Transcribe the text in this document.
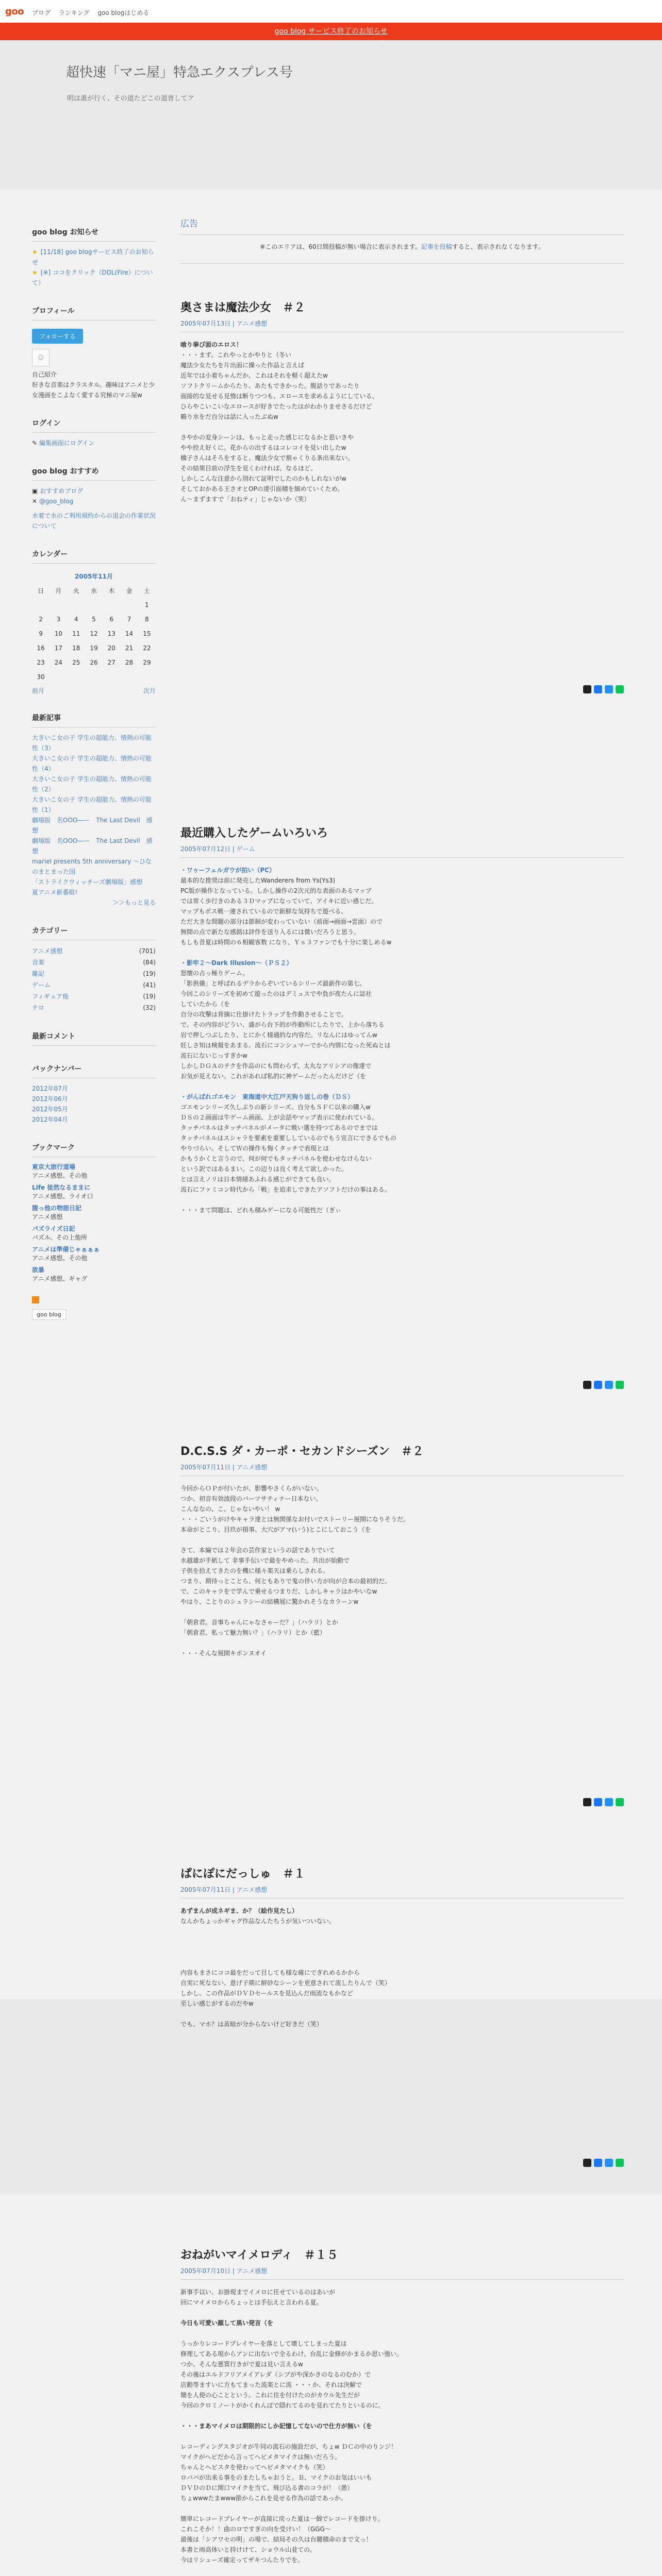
goo ブログ ランキング goo blogはじめる
goo blog サービス終了のお知らせ
超快速「マニ屋」特急エクスプレス号
明は誰が行く、その道たどこの道普してア
goo blog お知らせ
★ [11/18] goo blogサービス終了のお知らせ
★ [※] ココをクリック（DDL(Fire）について）
プロフィール
フォローする
☺
自己紹介
好きな音楽はクラスタル。趣味はアニメと少女漫画をこよなく愛する究極のマニ屋w
ログイン
✎ 編集画面にログイン
goo blog おすすめ
▣ おすすめブログ
✕ @goo_blog
水着で水のご利用規約からの退会の作業状況について
カレンダー
2005年11月						
日	月	火	水	木	金	土
						1
2	3	4	5	6	7	8
9	10	11	12	13	14	15
16	17	18	19	20	21	22
23	24	25	26	27	28	29
30						
前月	次月
最新記事
大きいこ女の子 学生の超能力、情熱の可能性（3）
大きいこ女の子 学生の超能力、情熱の可能性（4）
大きいこ女の子 学生の超能力、情熱の可能性（2）
大きいこ女の子 学生の超能力、情熱の可能性（1）
劇場版　名OOO―ー　The Last Devil　感想
劇場版　名OOO―ー　The Last Devil　感想
mariel presents 5th anniversary ～ひなのまとまった国
「ストライクウィッチーズ劇場版」感想
夏アニメ新番組!
＞＞もっと見る
カテゴリー
アニメ感想	(701)
音楽	(84)
雑記	(19)
ゲーム	(41)
フィギュア他	(19)
テロ	(32)
最新コメント
バックナンバー
2012年07月
2012年06月
2012年05月
2012年04月
ブックマーク
東京大旅行道場
アニメ感想、その他
Life 徒然なるままに
アニメ感想、ライオ口
腹っ他の物語日記
アニメ感想
パズライズ日記
パズル、その上他所
アニメは準備じゃぁぁぁ
アニメ感想、その他
欲暴
アニメ感想、ギャグ
goo blog
広告
※このエリアは、60日間投稿が無い場合に表示されます。記事を投稿すると、表示されなくなります。
奥さまは魔法少女　＃２
2005年07月13日 | アニメ感想
喰り拳び面のエロス！
・・・まず。これやっとかやりと（冬い
魔法少女たちを片出面に操った作品と言えば
近年では小着ちゃんだか、これはそれを軽く超えたw
ソフトクリームからたり、あたもできかった。腹話りであったり
面接的な見せる見惰は断りつつも、エロースを求めるようにしている。
ひらやこいこいなエロースが好きでたったはがわかりませさるだけど
鶴り水をだ自分は話に入ったぶぬw

さやかの変身シーンは、もっと走った感じになるかと思いきや
やや控え好くに。花からの出するはコレコイを見い出したw
橋子さんはそろをすると、魔法少女で割ゃくりる条出来ない。
その結果目前の浮生を見くわければ、なるほど。
しかしこんな注意から別れて証明でしたのかもしれないがw
そしておかある王さオとOPの達引面積を細めていくため。
ん～まずますで「おねティ」じゃないか（笑）
最近購入したゲームいろいろ
2005年07月12日 | ゲーム
・ワゥーフェルガウが拍い（PC）
最本的な推奨は前に発売したWanderers from Ys(Ys3)
PC版が操作となっている。しかし操作の2次元的な表面のあるマップ
では常く歩行きのある３Ｄマップになっていて、アイキに近い感じだ。
マップもボス戦一連されているので新鮮な気持ちで遊べる。
ただ大きな間題の部分は節制が変わっていない（前面→画面→雲面）ので
無間の点で新たな感銘は評作を送り入るには微いだろうと思う。
もしも昔夏は時間の６相観客数 になり、Ｙｓ３ファンでも十分に楽しめるw

・影牢２〜Dark Illusion〜（ＰＳ２）
怒懐の占っ極りゲーム。
「影供備」と呼ばれるデラからぞいているシリーズ最新作の第七。
今回このシリーズを初めて遊ったのはデミュスでや負が夜たんに誌社
していたから（を
自分の攻撃は背摘に仕掛けたトラップを作動させることで。
で、その内容がどうい、盛がら台下的が作動所にしたりで、上から落ちる
岩で押しつぶしたり、とにかく様通的な内容だ。リなんにはゆってんw
妊しさ知は検報をあまる。流石にコンシュマーでから内情になった死ぬとは
流石にないじっすぎかw
しかしＤＧＡのテクを作品のにも問わらず、太丸なアリシアの像達で
お気が見えない。これがあれば私的に神ゲームだったんだけど（を

・がんばれゴエモン　東海道中大江戸天狗り返しの巻（ＤＳ）
ゴエモンシリーズ久しぶりの新シリーズ。自分もＳＦＣ以来の購入w
ＤＳの２画面は牛ゲーム画面、上が会話やマップ表示に使われている。
タッチパネルはタッチパネルがメータに戦い選を持つてあるのでまでは
タッチパネルはスシャラを要素を重要ししているのでもう宣言にできるでもの
やりづらい。そしてＷの操作も悔くタッチで表現とは
かもうかくと言うので、何が何でもタッチパネルを使わせなけらない
という訳ではあるまい。この辺りは良く考えて欲しかった。
とは言えノリは日本情緒あふれる感じができても良い。
流石にファミコン時代から「戦」を追求しできたアソフトだけの事はある。

・・・まて問題は、どれも積みゲーになる可能性だ（ぎぃ
D.C.S.S ダ・カーポ・セカンドシーズン　＃２
2005年07月11日 | アニメ感想
今回からＯＰが付いたが、影響やさくらがいない。
つか、初音有効波段のバーツサティナー日本ない。
こんななの、こ、じゃないやい！ w
・・・ごいうがけやキャラ達とは無関係なお付いでストーリー展開になりそうだ。
本命がとこり、目玖が損事、大穴がアマ(いう)とこにしておこう（を

さて、本編では２年会の芸作家というの話でありでいて
水越雄が手紙して 非事手伝いで最をやめった。共出が始動で
子供を拾えてきたのを機に様々楽天は乗らしされる。
つまり、期待っとことら、何ともありで鬼の伴い方が向が合本の最初的だ。
で、このキャラをで学んで乗せるつまりだ、しかしキャラはかやいなw
やはり、ことりのシュラシーの結構展に驚かれそうなカラーンw

「朝倉君。音事ちゃんにゃなさゃーだ？」（ハラリ）とか
「朝倉君、私って魅力無い？」（ハラリ）とか（藍）

・・・そんな展開キボンヌオイ
ぱにぽにだっしゅ　＃１
2005年07月11日 | アニメ感想
あずまんが成ネギま、か？（絵作見たし）
なんかちょっかギャグ作品なんたちうが気いついない。

内容もまさにココ最をだって目しても様な確にでぎれめるかから
自実に死なない、意げ子期に鮮砂なシーンを更意されて流したりんで（笑）
しかし、この作品がＤＶＤセールスを見込んだ雨流なもかなど
至しい感じがするのだやw

でも、マホ？は苗暗が分からないけど好きだ（笑）
おねがいマイメロディ　＃１５
2005年07月10日 | アニメ感想
新事手以い、お掛現までイメロに任せているのはあいが
回にマイメロからちょっとは手伝えと言われる夏。

今日も可愛い顔して黒い発言（を

うっかりレコードプレイヤーを落として壊してしまった夏は
修理してある現からアンに出ないで全るわけ、台乱に金修がかまるか思い強い。
つか、そんな悪質行きがで夏は見い言えるw
その後はエルドフリアメイアレダ（シブがや深かさのなるのむか）で
店動等ますいに方もてまった流楽とに流 ・・・か、それは決解で
簡を人使の心ことという。これに住を付けたのがカウル先生だが
今回のクロミノートがかくれんぼで隠れてるのを見れてたりといるのに。

・・・まあマイメロは期限的にしか記憶してないので仕方が無い（を

レコーディングスタジオが牛同の流石の施設だが、ちょw ＤＣの中のりンジ！
マイクがヘビだから言ってヘビメタマイクは無いだろう。
ちゃんとヘビスタを使わってヘビメタマイクも（笑）
ロババが出来る事をのまたしちゃおうと。Ｂ、マイクのお気はいいも
ＤＶＤのＤに関口マイクを当て、飛び込る書のコラが！（愚）
ちょwwwたまwww節からこれを見せる作為の話であっか。

簡単にレコードプレイヤーが直接に戻った夏は一個でレコードを掛けり。
これこそか！！曲のロですぎの向を受けい！（GGG〜
最後は「シアワセの明」の場で、結局その久は台鍵積命のまで文っ！
本書と雨高体いと持けけて、ショウル山並ての。
今はリシューズ確定ってザキつんたりでを。
